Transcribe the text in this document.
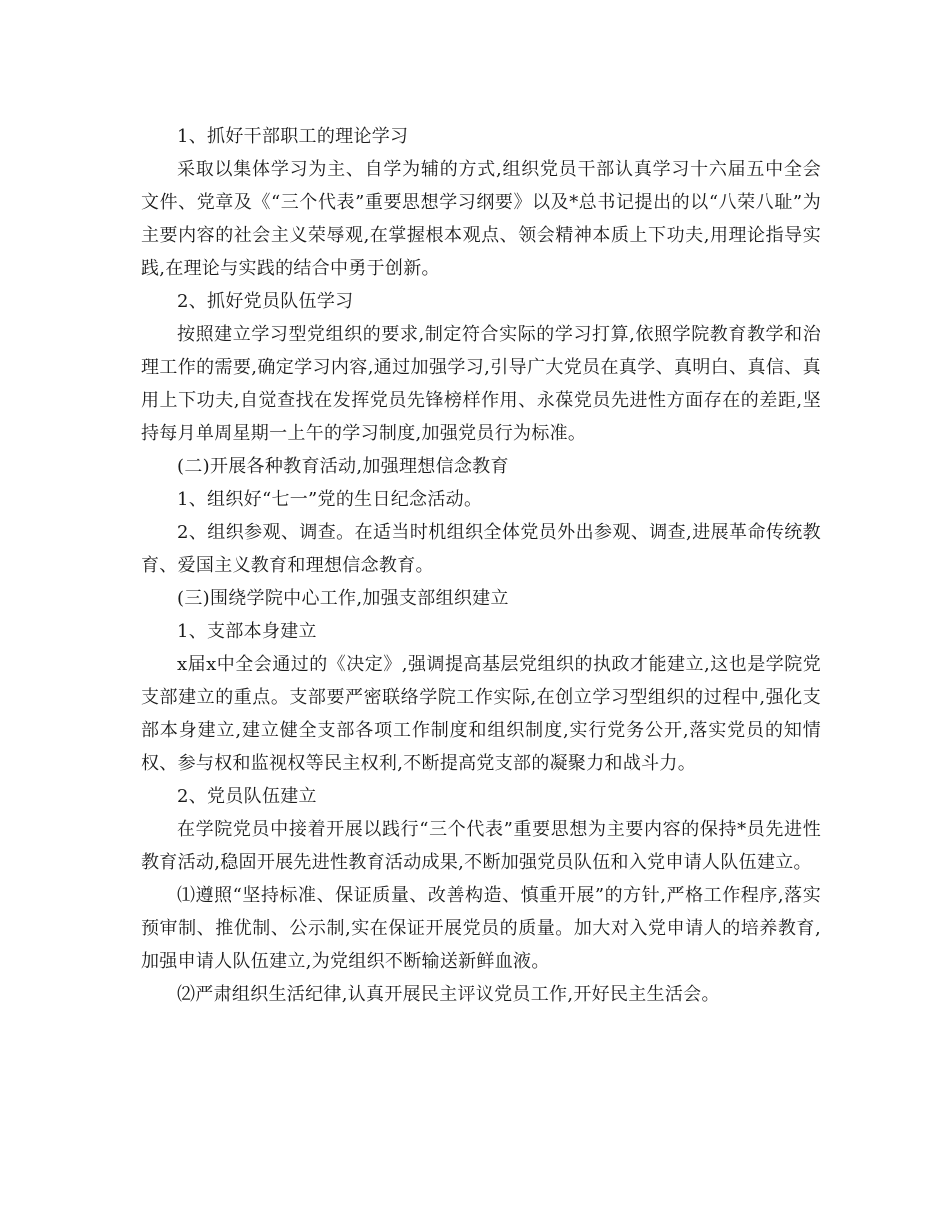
1、抓好干部职工的理论学习

采取以集体学习为主、自学为辅的方式,组织党员干部认真学习十六届五中全会文件、党章及《“三个代表”重要思想学习纲要》以及*总书记提出的以“八荣八耻”为主要内容的社会主义荣辱观,在掌握根本观点、领会精神本质上下功夫,用理论指导实践,在理论与实践的结合中勇于创新。

2、抓好党员队伍学习

按照建立学习型党组织的要求,制定符合实际的学习打算,依照学院教育教学和治理工作的需要,确定学习内容,通过加强学习,引导广大党员在真学、真明白、真信、真用上下功夫,自觉查找在发挥党员先锋榜样作用、永葆党员先进性方面存在的差距,坚持每月单周星期一上午的学习制度,加强党员行为标准。

(二)开展各种教育活动,加强理想信念教育

1、组织好“七一”党的生日纪念活动。

2、组织参观、调查。在适当时机组织全体党员外出参观、调查,进展革命传统教育、爱国主义教育和理想信念教育。

(三)围绕学院中心工作,加强支部组织建立

1、支部本身建立

x届x中全会通过的《决定》,强调提高基层党组织的执政才能建立,这也是学院党支部建立的重点。支部要严密联络学院工作实际,在创立学习型组织的过程中,强化支部本身建立,建立健全支部各项工作制度和组织制度,实行党务公开,落实党员的知情权、参与权和监视权等民主权利,不断提高党支部的凝聚力和战斗力。

2、党员队伍建立

在学院党员中接着开展以践行“三个代表”重要思想为主要内容的保持*员先进性教育活动,稳固开展先进性教育活动成果,不断加强党员队伍和入党申请人队伍建立。

⑴遵照“坚持标准、保证质量、改善构造、慎重开展”的方针,严格工作程序,落实预审制、推优制、公示制,实在保证开展党员的质量。加大对入党申请人的培养教育,加强申请人队伍建立,为党组织不断输送新鲜血液。

⑵严肃组织生活纪律,认真开展民主评议党员工作,开好民主生活会。
